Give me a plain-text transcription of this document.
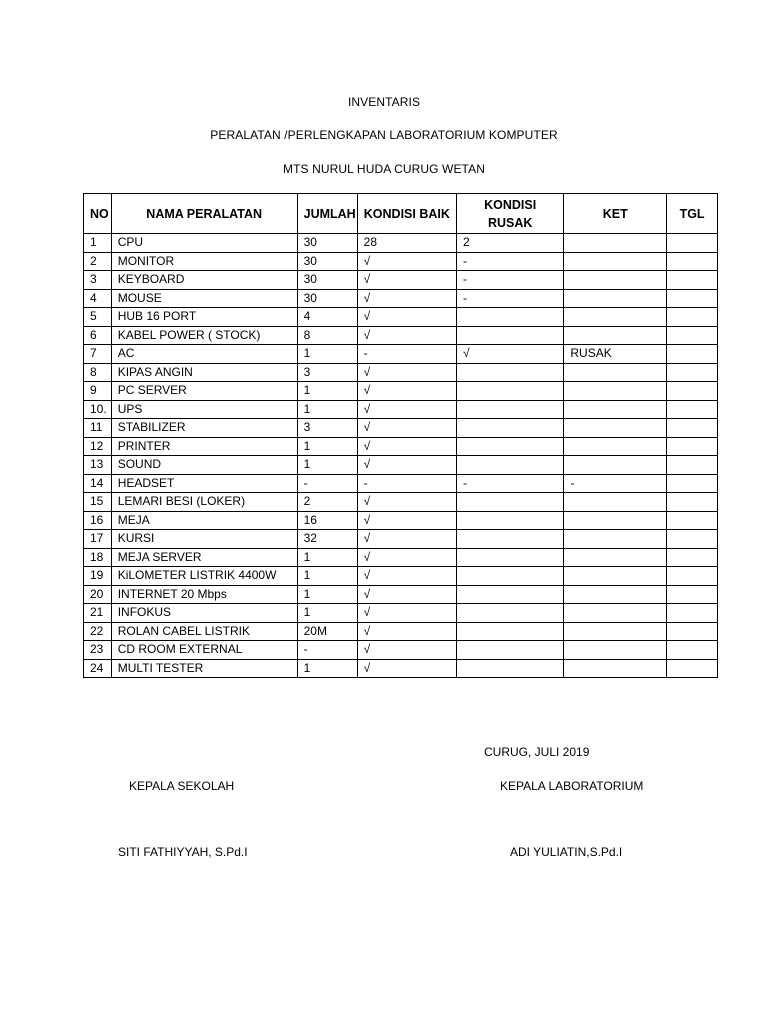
INVENTARIS
PERALATAN /PERLENGKAPAN LABORATORIUM KOMPUTER
MTS NURUL HUDA CURUG WETAN
NO	NAMA PERALATAN	JUMLAH	KONDISI BAIK	KONDISI RUSAK	KET	TGL
1	CPU	30	28	2		
2	MONITOR	30	√	-		
3	KEYBOARD	30	√	-		
4	MOUSE	30	√	-		
5	HUB 16 PORT	4	√			
6	KABEL POWER ( STOCK)	8	√			
7	AC	1	-	√	RUSAK	
8	KIPAS ANGIN	3	√			
9	PC SERVER	1	√			
10.	UPS	1	√			
11	STABILIZER	3	√			
12	PRINTER	1	√			
13	SOUND	1	√			
14	HEADSET	-	-	-	-	
15	LEMARI BESI (LOKER)	2	√			
16	MEJA	16	√			
17	KURSI	32	√			
18	MEJA SERVER	1	√			
19	KiLOMETER LISTRIK 4400W	1	√			
20	INTERNET 20 Mbps	1	√			
21	INFOKUS	1	√			
22	ROLAN CABEL LISTRIK	20M	√			
23	CD ROOM EXTERNAL	-	√			
24	MULTI TESTER	1	√			
CURUG, JULI 2019
KEPALA SEKOLAH	KEPALA LABORATORIUM
SITI FATHIYYAH, S.Pd.I	ADI YULIATIN,S.Pd.I
